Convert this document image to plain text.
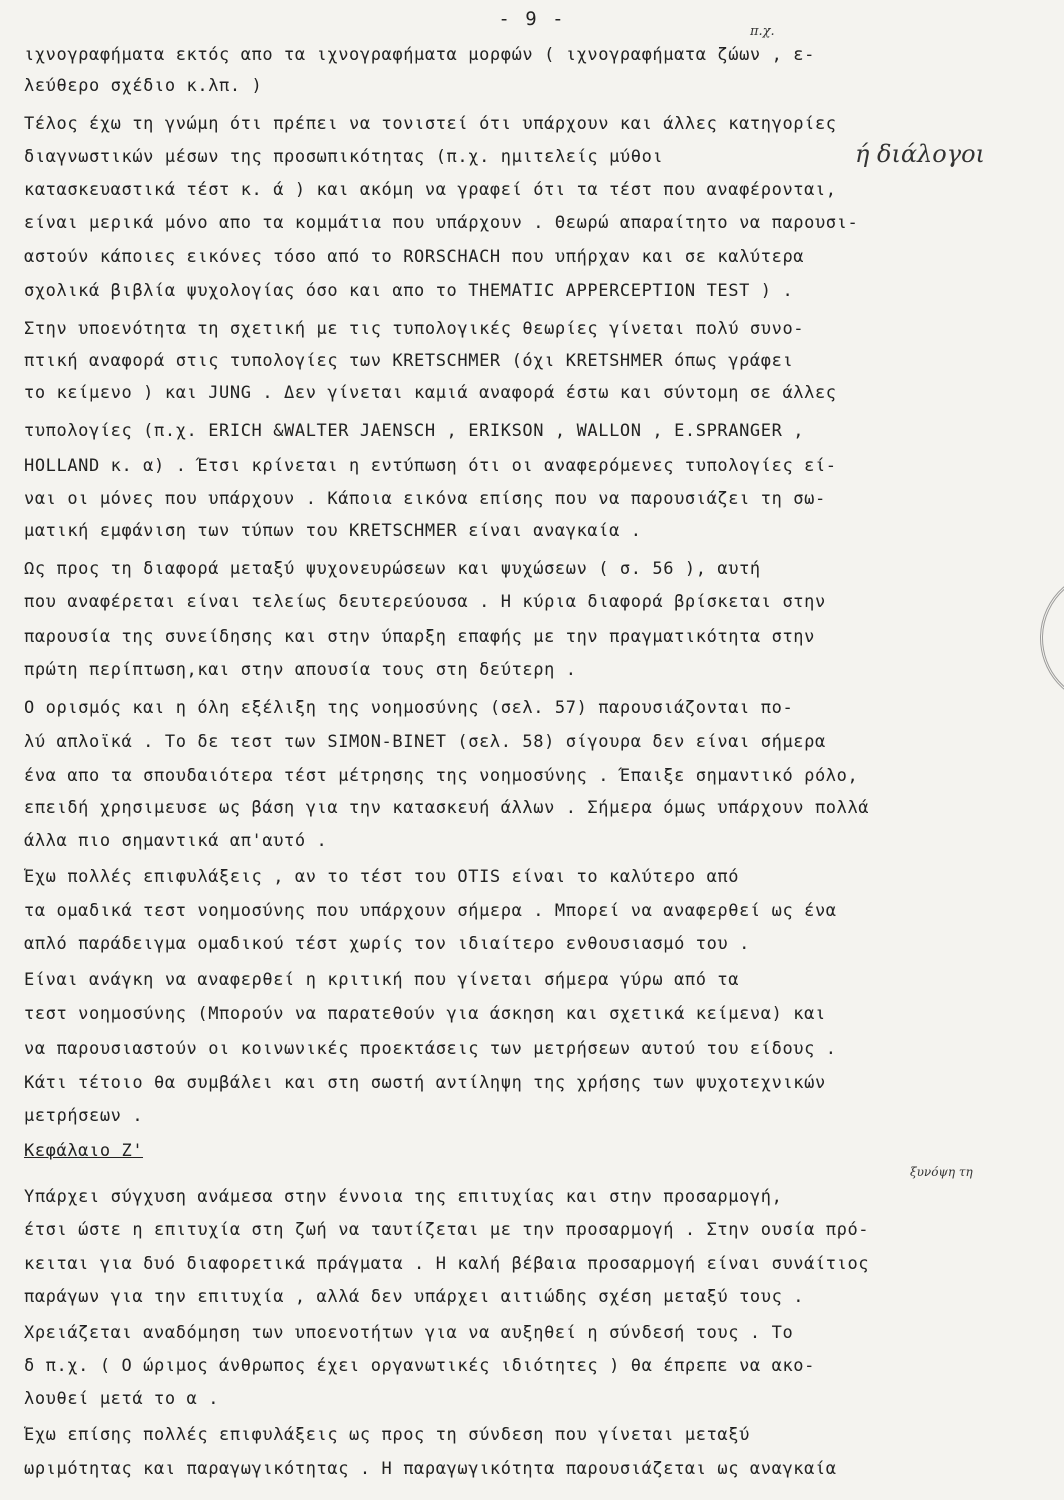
- 9 -
π.χ.
ιχνογραφήματα εκτός απο τα ιχνογραφήματα μορφών ( ιχνογραφήματα ζώων , ε-
λεύθερο σχέδιο κ.λπ. )
Τέλος έχω τη γνώμη ότι πρέπει να τονιστεί ότι υπάρχουν και άλλες κατηγορίες
διαγνωστικών μέσων της προσωπικότητας (π.χ. ημιτελείς μύθοι	ή διάλογοι
κατασκευαστικά τέστ κ. ά ) και ακόμη να γραφεί ότι τα τέστ που αναφέρονται,
είναι μερικά μόνο απο τα κομμάτια που υπάρχουν . Θεωρώ απαραίτητο να παρουσι-
αστούν κάποιες εικόνες τόσο από το RORSCHACH που υπήρχαν και σε καλύτερα
σχολικά βιβλία ψυχολογίας όσο και απο το THEMATIC APPERCEPTION TEST ) .
Στην υποενότητα τη σχετική με τις τυπολογικές θεωρίες γίνεται πολύ συνο-
πτική αναφορά στις τυπολογίες των KRETSCHMER (όχι KRETSHMER όπως γράφει
το κείμενο ) και JUNG . Δεν γίνεται καμιά αναφορά έστω και σύντομη σε άλλες
τυπολογίες (π.χ. ERICH &WALTER JAENSCH , ERIKSON , WALLON , E.SPRANGER ,
HOLLAND κ. α) . Έτσι κρίνεται η εντύπωση ότι οι αναφερόμενες τυπολογίες εί-
ναι οι μόνες που υπάρχουν . Κάποια εικόνα επίσης που να παρουσιάζει τη σω-
ματική εμφάνιση των τύπων του KRETSCHMER είναι αναγκαία .
Ως προς τη διαφορά μεταξύ ψυχονευρώσεων και ψυχώσεων ( σ. 56 ), αυτή
που αναφέρεται είναι τελείως δευτερεύουσα . Η κύρια διαφορά βρίσκεται στην
παρουσία της συνείδησης και στην ύπαρξη επαφής με την πραγματικότητα στην
πρώτη περίπτωση,και στην απουσία τους στη δεύτερη .
Ο ορισμός και η όλη εξέλιξη της νοημοσύνης (σελ. 57) παρουσιάζονται πο-
λύ απλοϊκά . Το δε τεστ των SIMON-BINET (σελ. 58) σίγουρα δεν είναι σήμερα
ένα απο τα σπουδαιότερα τέστ μέτρησης της νοημοσύνης . Έπαιξε σημαντικό ρόλο,
επειδή χρησιμευσε ως βάση για την κατασκευή άλλων . Σήμερα όμως υπάρχουν πολλά
άλλα πιο σημαντικά απ'αυτό .
Έχω πολλές επιφυλάξεις , αν το τέστ του OTIS είναι το καλύτερο από
τα ομαδικά τεστ νοημοσύνης που υπάρχουν σήμερα . Μπορεί να αναφερθεί ως ένα
απλό παράδειγμα ομαδικού τέστ χωρίς τον ιδιαίτερο ενθουσιασμό του .
Είναι ανάγκη να αναφερθεί η κριτική που γίνεται σήμερα γύρω από τα
τεστ νοημοσύνης (Μπορούν να παρατεθούν για άσκηση και σχετικά κείμενα) και
να παρουσιαστούν οι κοινωνικές προεκτάσεις των μετρήσεων αυτού του είδους .
Κάτι τέτοιο θα συμβάλει και στη σωστή αντίληψη της χρήσης των ψυχοτεχνικών
μετρήσεων .
Κεφάλαιο Ζ'
ξυνόψη τη
Υπάρχει σύγχυση ανάμεσα στην έννοια της επιτυχίας και στην προσαρμογή,
έτσι ώστε η επιτυχία στη ζωή να ταυτίζεται με την προσαρμογή . Στην ουσία πρό-
κειται για δυό διαφορετικά πράγματα . Η καλή βέβαια προσαρμογή είναι συνάίτιος
παράγων για την επιτυχία , αλλά δεν υπάρχει αιτιώδης σχέση μεταξύ τους .
Χρειάζεται αναδόμηση των υποενοτήτων για να αυξηθεί η σύνδεσή τους . Το
δ π.χ. ( Ο ώριμος άνθρωπος έχει οργανωτικές ιδιότητες ) θα έπρεπε να ακο-
λουθεί μετά το α .
Έχω επίσης πολλές επιφυλάξεις ως προς τη σύνδεση που γίνεται μεταξύ
ωριμότητας και παραγωγικότητας . Η παραγωγικότητα παρουσιάζεται ως αναγκαία
